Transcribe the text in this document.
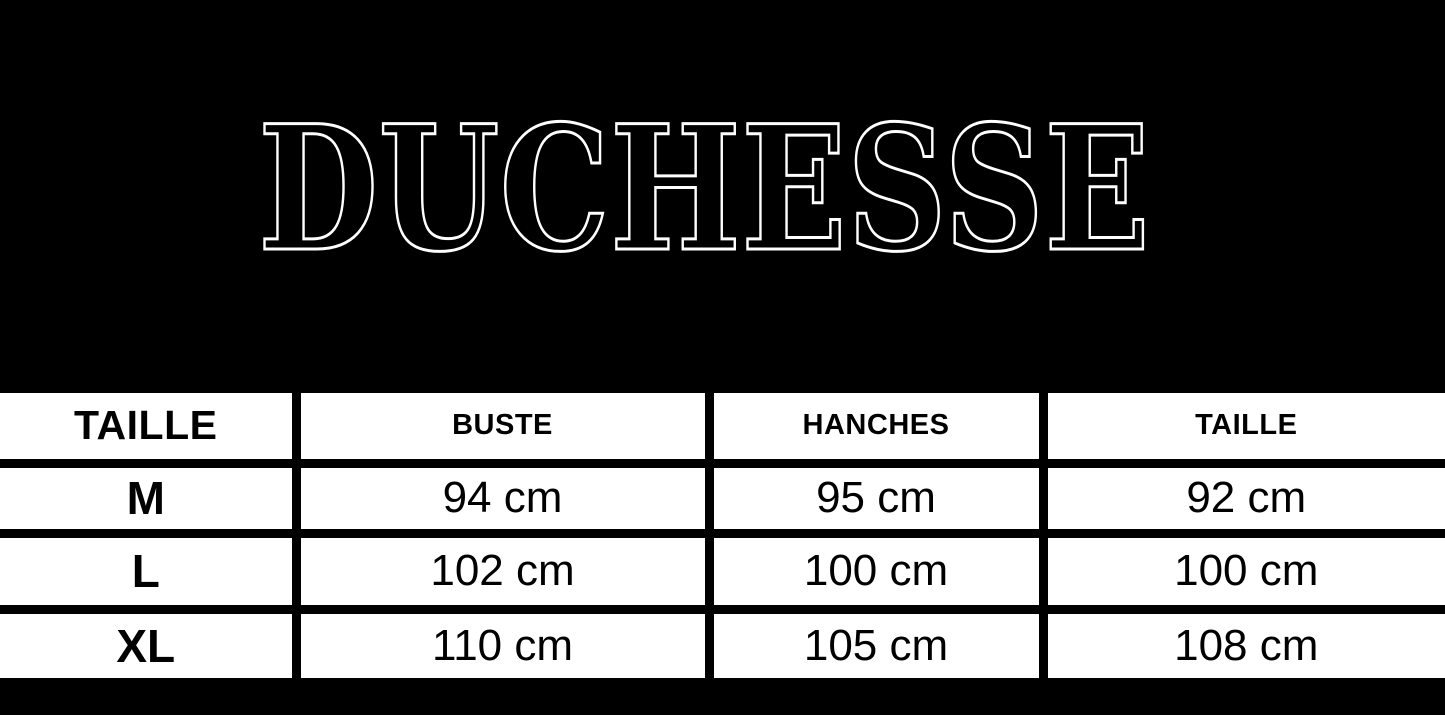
DUCHESSE
TAILLE	BUSTE	HANCHES	TAILLE
M	94 cm	95 cm	92 cm
L	102 cm	100 cm	100 cm
XL	110 cm	105 cm	108 cm
